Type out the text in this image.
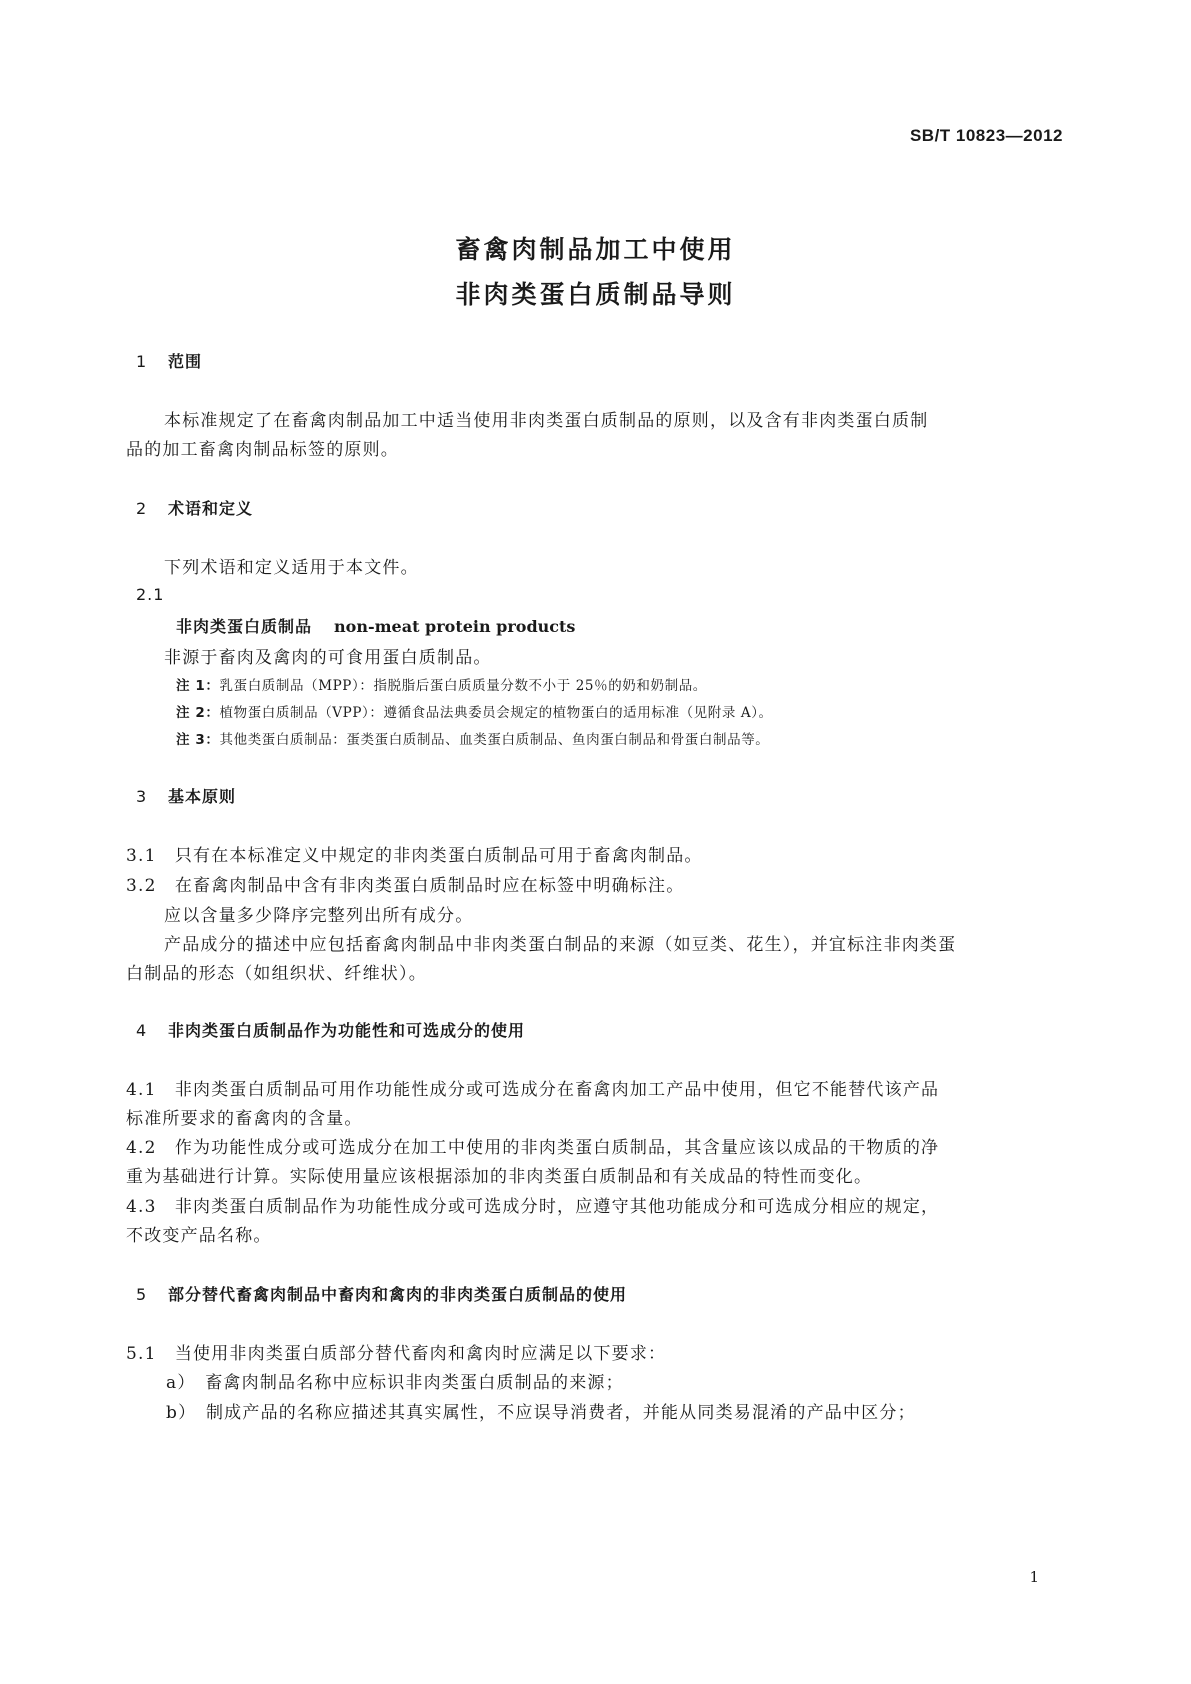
SB/T 10823—2012
畜禽肉制品加工中使用
非肉类蛋白质制品导则
1 范围
本标准规定了在畜禽肉制品加工中适当使用非肉类蛋白质制品的原则，以及含有非肉类蛋白质制
品的加工畜禽肉制品标签的原则。
2 术语和定义
下列术语和定义适用于本文件。
2.1
非肉类蛋白质制品 non-meat protein products
非源于畜肉及禽肉的可食用蛋白质制品。
注 1：乳蛋白质制品（MPP）：指脱脂后蛋白质质量分数不小于 25％的奶和奶制品。
注 2：植物蛋白质制品（VPP）：遵循食品法典委员会规定的植物蛋白的适用标准（见附录 A）。
注 3：其他类蛋白质制品：蛋类蛋白质制品、血类蛋白质制品、鱼肉蛋白制品和骨蛋白制品等。
3 基本原则
3.1　只有在本标准定义中规定的非肉类蛋白质制品可用于畜禽肉制品。
3.2　在畜禽肉制品中含有非肉类蛋白质制品时应在标签中明确标注。
应以含量多少降序完整列出所有成分。
产品成分的描述中应包括畜禽肉制品中非肉类蛋白制品的来源（如豆类、花生），并宜标注非肉类蛋
白制品的形态（如组织状、纤维状）。
4 非肉类蛋白质制品作为功能性和可选成分的使用
4.1　非肉类蛋白质制品可用作功能性成分或可选成分在畜禽肉加工产品中使用，但它不能替代该产品
标准所要求的畜禽肉的含量。
4.2　作为功能性成分或可选成分在加工中使用的非肉类蛋白质制品，其含量应该以成品的干物质的净
重为基础进行计算。实际使用量应该根据添加的非肉类蛋白质制品和有关成品的特性而变化。
4.3　非肉类蛋白质制品作为功能性成分或可选成分时，应遵守其他功能成分和可选成分相应的规定，
不改变产品名称。
5 部分替代畜禽肉制品中畜肉和禽肉的非肉类蛋白质制品的使用
5.1　当使用非肉类蛋白质部分替代畜肉和禽肉时应满足以下要求：
a）　畜禽肉制品名称中应标识非肉类蛋白质制品的来源；
b）　制成产品的名称应描述其真实属性，不应误导消费者，并能从同类易混淆的产品中区分；
1
